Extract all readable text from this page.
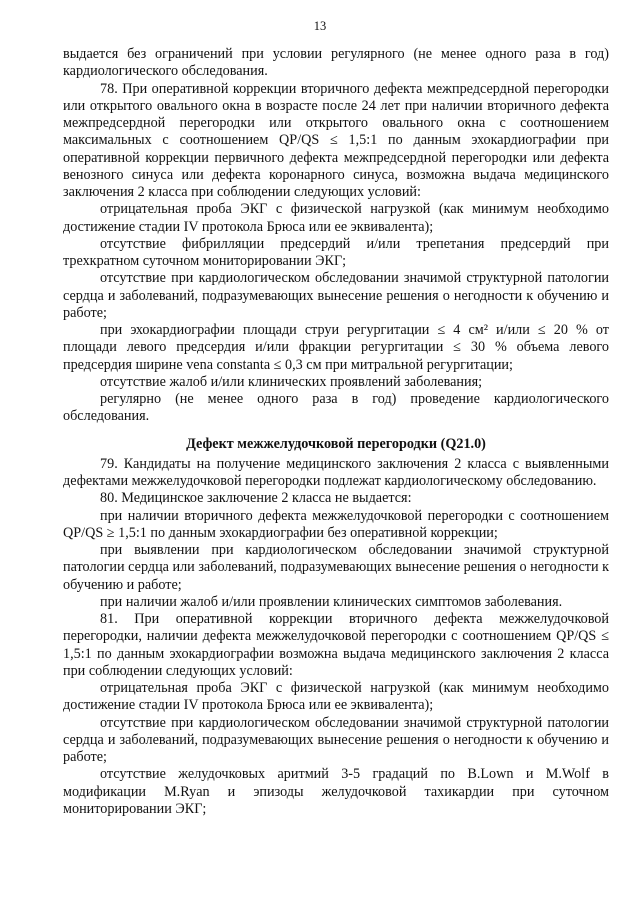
13

выдается без ограничений при условии регулярного (не менее одного раза в год) кардиологического обследования.

78. При оперативной коррекции вторичного дефекта межпредсердной перегородки или открытого овального окна в возрасте после 24 лет при наличии вторичного дефекта межпредсердной перегородки или открытого овального окна с соотношением максимальных с соотношением QP/QS ≤ 1,5:1 по данным эхокардиографии при оперативной коррекции первичного дефекта межпредсердной перегородки или дефекта венозного синуса или дефекта коронарного синуса, возможна выдача медицинского заключения 2 класса при соблюдении следующих условий:

отрицательная проба ЭКГ с физической нагрузкой (как минимум необходимо достижение стадии IV протокола Брюса или ее эквивалента);

отсутствие фибрилляции предсердий и/или трепетания предсердий при трехкратном суточном мониторировании ЭКГ;

отсутствие при кардиологическом обследовании значимой структурной патологии сердца и заболеваний, подразумевающих вынесение решения о негодности к обучению и работе;

при эхокардиографии площади струи регургитации ≤ 4 см² и/или ≤ 20 % от площади левого предсердия и/или фракции регургитации ≤ 30 % объема левого предсердия ширине vena constanta ≤ 0,3 см при митральной регургитации;

отсутствие жалоб и/или клинических проявлений заболевания;

регулярно (не менее одного раза в год) проведение кардиологического обследования.

Дефект межжелудочковой перегородки (Q21.0)

79. Кандидаты на получение медицинского заключения 2 класса с выявленными дефектами межжелудочковой перегородки подлежат кардиологическому обследованию.

80. Медицинское заключение 2 класса не выдается:

при наличии вторичного дефекта межжелудочковой перегородки с соотношением QP/QS ≥ 1,5:1 по данным эхокардиографии без оперативной коррекции;

при выявлении при кардиологическом обследовании значимой структурной патологии сердца или заболеваний, подразумевающих вынесение решения о негодности к обучению и работе;

при наличии жалоб и/или проявлении клинических симптомов заболевания.

81. При оперативной коррекции вторичного дефекта межжелудочковой перегородки, наличии дефекта межжелудочковой перегородки с соотношением QP/QS ≤ 1,5:1 по данным эхокардиографии возможна выдача медицинского заключения 2 класса при соблюдении следующих условий:

отрицательная проба ЭКГ с физической нагрузкой (как минимум необходимо достижение стадии IV протокола Брюса или ее эквивалента);

отсутствие при кардиологическом обследовании значимой структурной патологии сердца и заболеваний, подразумевающих вынесение решения о негодности к обучению и работе;

отсутствие желудочковых аритмий 3-5 градаций по B.Lown и M.Wolf в модификации M.Ryan и эпизоды желудочковой тахикардии при суточном мониторировании ЭКГ;
